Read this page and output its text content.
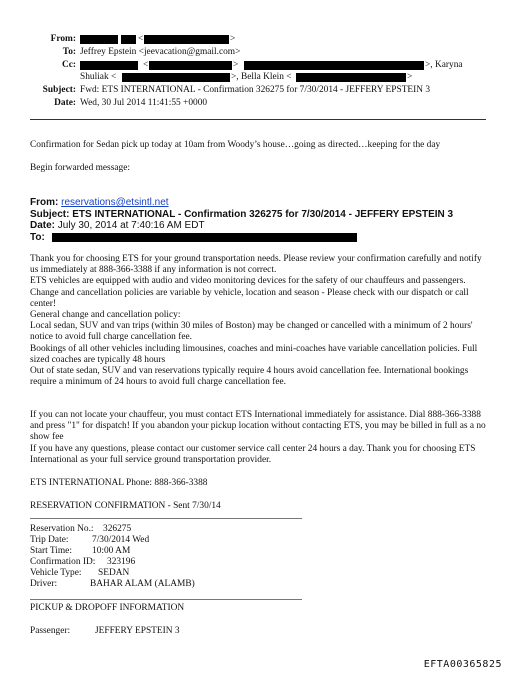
From:	<	>
To: Jeffrey Epstein <jeevacation@gmail.com>
Cc:	<	>	>, Karyna
Shuliak <	>, Bella Klein <	>
Subject: Fwd: ETS INTERNATIONAL - Confirmation 326275 for 7/30/2014 - JEFFERY EPSTEIN 3
Date: Wed, 30 Jul 2014 11:41:55 +0000

Confirmation for Sedan pick up today at 10am from Woody’s house…going as directed…keeping for the day

Begin forwarded message:

From: reservations@etsintl.net
Subject: ETS INTERNATIONAL - Confirmation 326275 for 7/30/2014 - JEFFERY EPSTEIN 3
Date: July 30, 2014 at 7:40:16 AM EDT
To:
Thank you for choosing ETS for your ground transportation needs. Please review your confirmation carefully and notify us immediately at 888-366-3388 if any information is not correct.
ETS vehicles are equipped with audio and video monitoring devices for the safety of our chauffeurs and passengers.
Change and cancellation policies are variable by vehicle, location and season - Please check with our dispatch or call center!
General change and cancellation policy:
Local sedan, SUV and van trips (within 30 miles of Boston) may be changed or cancelled with a minimum of 2 hours' notice to avoid full charge cancellation fee.
Bookings of all other vehicles including limousines, coaches and mini-coaches have variable cancellation policies. Full sized coaches are typically 48 hours
Out of state sedan, SUV and van reservations typically require 4 hours avoid cancellation fee. International bookings require a minimum of 24 hours to avoid full charge cancellation fee.
If you can not locate your chauffeur, you must contact ETS International immediately for assistance. Dial 888-366-3388 and press "1" for dispatch! If you abandon your pickup location without contacting ETS, you may be billed in full as a no show fee
If you have any questions, please contact our customer service call center 24 hours a day. Thank you for choosing ETS International as your full service ground transportation provider.

ETS INTERNATIONAL Phone: 888-366-3388

RESERVATION CONFIRMATION - Sent 7/30/14

Reservation No.: 326275
Trip Date:	7/30/2014 Wed
Start Time: 10:00 AM
Confirmation ID: 323196
Vehicle Type: SEDAN
Driver:	BAHAR ALAM (ALAMB)

PICKUP & DROPOFF INFORMATION

Passenger:	JEFFERY EPSTEIN 3
EFTA00365825
